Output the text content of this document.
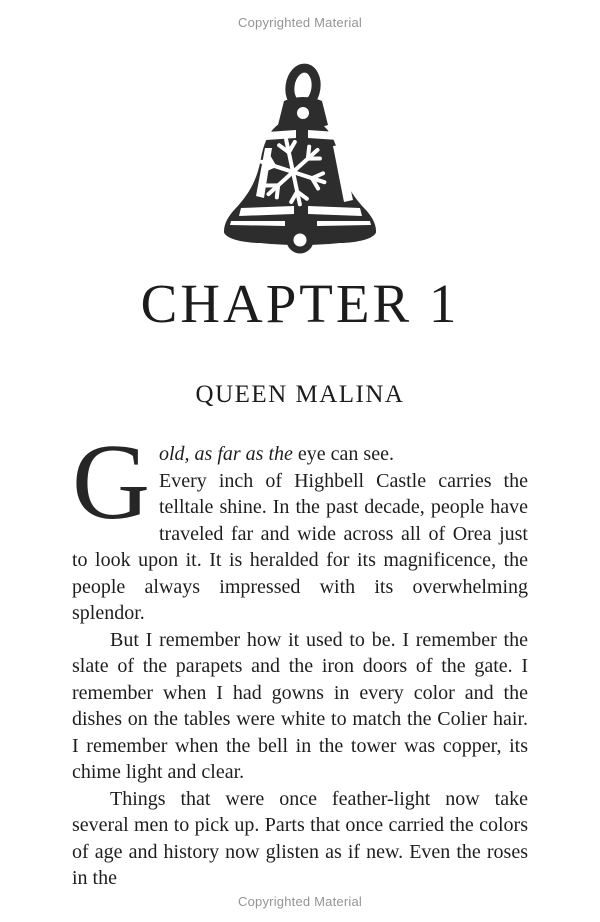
Copyrighted Material
CHAPTER 1
QUEEN MALINA

Gold, as far as the eye can see.
Every inch of Highbell Castle carries the telltale shine. In the past decade, people have traveled far and wide across all of Orea just to look upon it. It is heralded for its magnificence, the people always impressed with its overwhelming splendor.

But I remember how it used to be. I remember the slate of the parapets and the iron doors of the gate. I remember when I had gowns in every color and the dishes on the tables were white to match the Colier hair. I remember when the bell in the tower was copper, its chime light and clear.

Things that were once feather-light now take several men to pick up. Parts that once carried the colors of age and history now glisten as if new. Even the roses in the

Copyrighted Material
